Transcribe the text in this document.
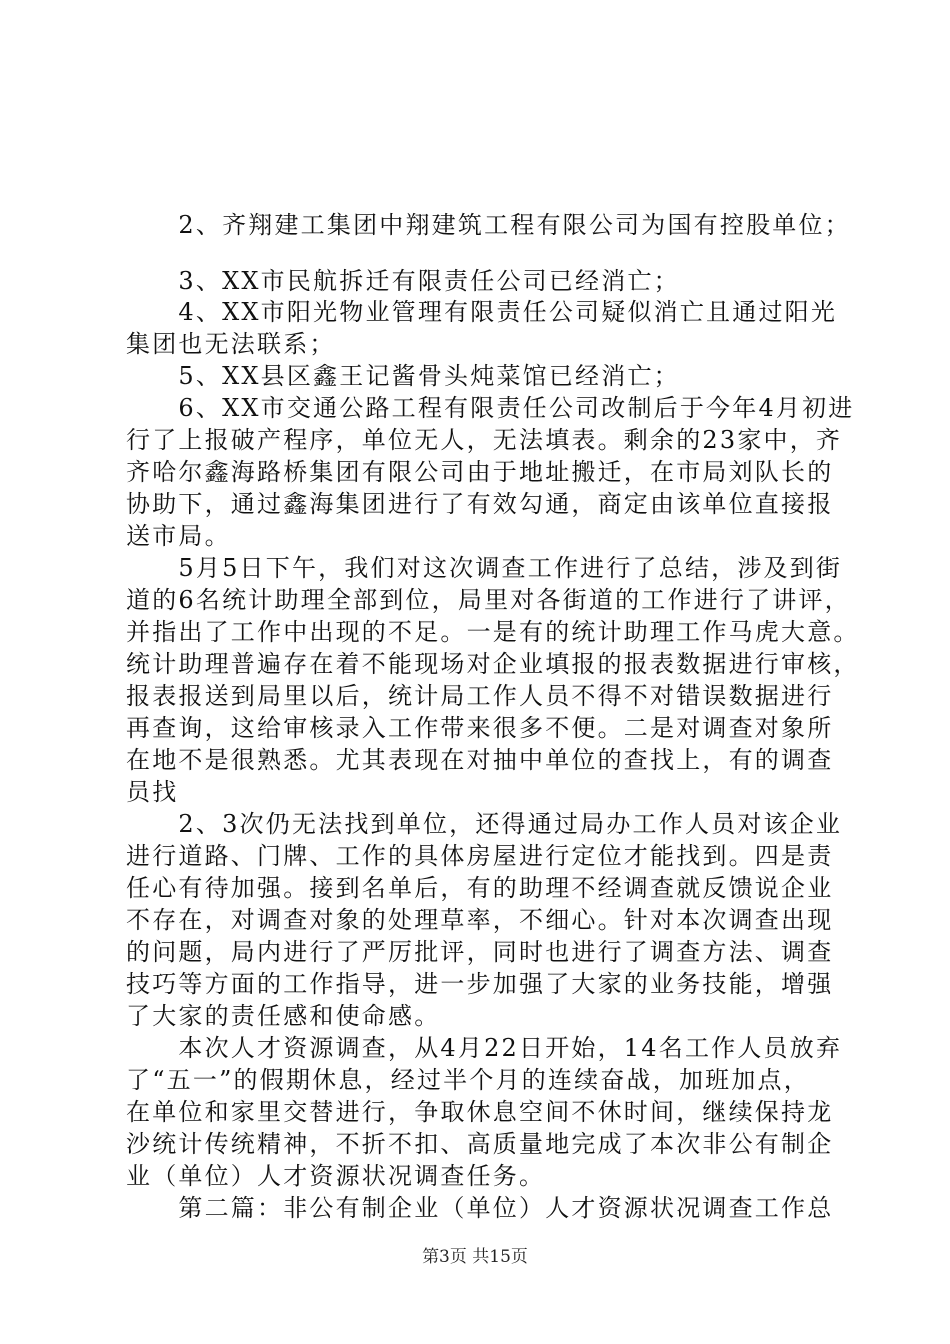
　　2、齐翔建工集团中翔建筑工程有限公司为国有控股单位；
　　3、XX市民航拆迁有限责任公司已经消亡；
　　4、XX市阳光物业管理有限责任公司疑似消亡且通过阳光
集团也无法联系；
　　5、XX县区鑫王记酱骨头炖菜馆已经消亡；
　　6、XX市交通公路工程有限责任公司改制后于今年4月初进
行了上报破产程序，单位无人，无法填表。剩余的23家中，齐
齐哈尔鑫海路桥集团有限公司由于地址搬迁，在市局刘队长的
协助下，通过鑫海集团进行了有效勾通，商定由该单位直接报
送市局。
　　5月5日下午，我们对这次调查工作进行了总结，涉及到街
道的6名统计助理全部到位，局里对各街道的工作进行了讲评，
并指出了工作中出现的不足。一是有的统计助理工作马虎大意。
统计助理普遍存在着不能现场对企业填报的报表数据进行审核，
报表报送到局里以后，统计局工作人员不得不对错误数据进行
再查询，这给审核录入工作带来很多不便。二是对调查对象所
在地不是很熟悉。尤其表现在对抽中单位的查找上，有的调查
员找
　　2、3次仍无法找到单位，还得通过局办工作人员对该企业
进行道路、门牌、工作的具体房屋进行定位才能找到。四是责
任心有待加强。接到名单后，有的助理不经调查就反馈说企业
不存在，对调查对象的处理草率，不细心。针对本次调查出现
的问题，局内进行了严厉批评，同时也进行了调查方法、调查
技巧等方面的工作指导，进一步加强了大家的业务技能，增强
了大家的责任感和使命感。
　　本次人才资源调查，从4月22日开始，14名工作人员放弃
了“五一”的假期休息，经过半个月的连续奋战，加班加点，
在单位和家里交替进行，争取休息空间不休时间，继续保持龙
沙统计传统精神，不折不扣、高质量地完成了本次非公有制企
业（单位）人才资源状况调查任务。
　　第二篇：非公有制企业（单位）人才资源状况调查工作总
第3页 共15页
